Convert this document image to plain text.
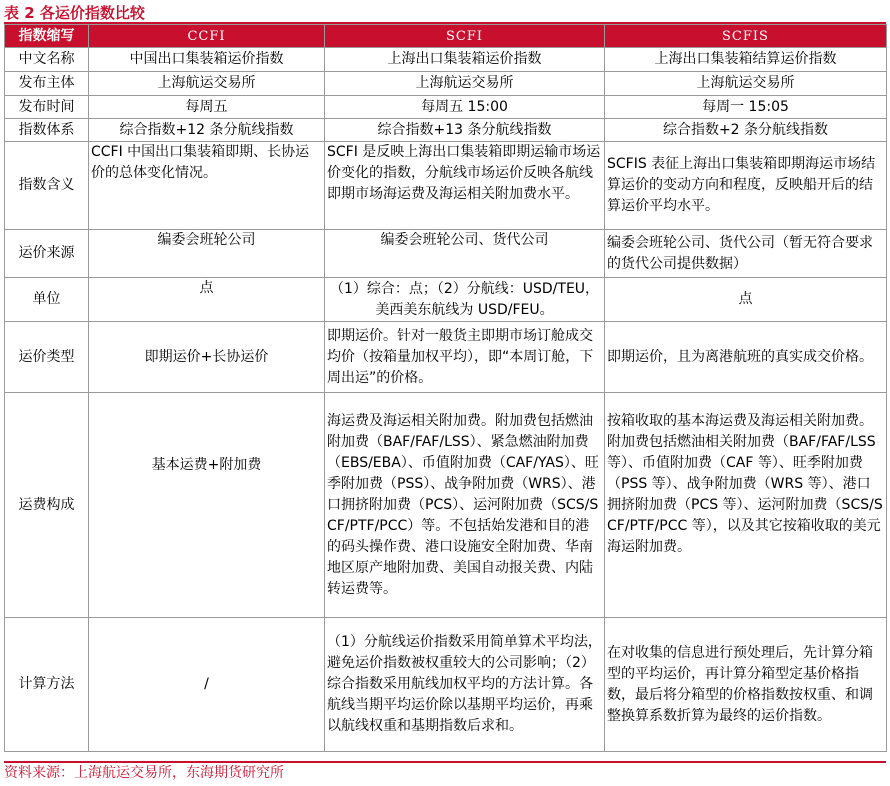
表 2 各运价指数比较
指数缩写	CCFI	SCFI	SCFIS
中文名称	中国出口集装箱运价指数	上海出口集装箱运价指数	上海出口集装箱结算运价指数
发布主体	上海航运交易所	上海航运交易所	上海航运交易所
发布时间	每周五	每周五 15:00	每周一 15:05
指数体系	综合指数+12 条分航线指数	综合指数+13 条分航线指数	综合指数+2 条分航线指数
指数含义	CCFI 中国出口集装箱即期、长协运价的总体变化情况。	SCFI 是反映上海出口集装箱即期运输市场运价变化的指数，分航线市场运价反映各航线即期市场海运费及海运相关附加费水平。	SCFIS 表征上海出口集装箱即期海运市场结算运价的变动方向和程度，反映船开后的结算运价平均水平。
运价来源	编委会班轮公司	编委会班轮公司、货代公司	编委会班轮公司、货代公司（暂无符合要求的货代公司提供数据）
单位	点	（1）综合：点；（2）分航线：USD/TEU，美西美东航线为 USD/FEU。	点
运价类型	即期运价+长协运价	即期运价。针对一般货主即期市场订舱成交均价（按箱量加权平均），即“本周订舱，下周出运”的价格。	即期运价，且为离港航班的真实成交价格。
运费构成	基本运费+附加费	海运费及海运相关附加费。附加费包括燃油附加费（BAF/FAF/LSS）、紧急燃油附加费（EBS/EBA）、币值附加费（CAF/YAS）、旺季附加费（PSS）、战争附加费（WRS）、港口拥挤附加费（PCS）、运河附加费（SCS/SCF/PTF/PCC）等。不包括始发港和目的港的码头操作费、港口设施安全附加费、华南地区原产地附加费、美国自动报关费、内陆转运费等。	按箱收取的基本海运费及海运相关附加费。附加费包括燃油相关附加费（BAF/FAF/LSS 等）、币值附加费（CAF 等）、旺季附加费（PSS 等）、战争附加费（WRS 等）、港口拥挤附加费（PCS 等）、运河附加费（SCS/SCF/PTF/PCC 等），以及其它按箱收取的美元海运附加费。
计算方法	/	（1）分航线运价指数采用简单算术平均法，避免运价指数被权重较大的公司影响；（2）综合指数采用航线加权平均的方法计算。各航线当期平均运价除以基期平均运价，再乘以航线权重和基期指数后求和。	在对收集的信息进行预处理后，先计算分箱型的平均运价，再计算分箱型定基价格指数，最后将分箱型的价格指数按权重、和调整换算系数折算为最终的运价指数。
资料来源：上海航运交易所，东海期货研究所
